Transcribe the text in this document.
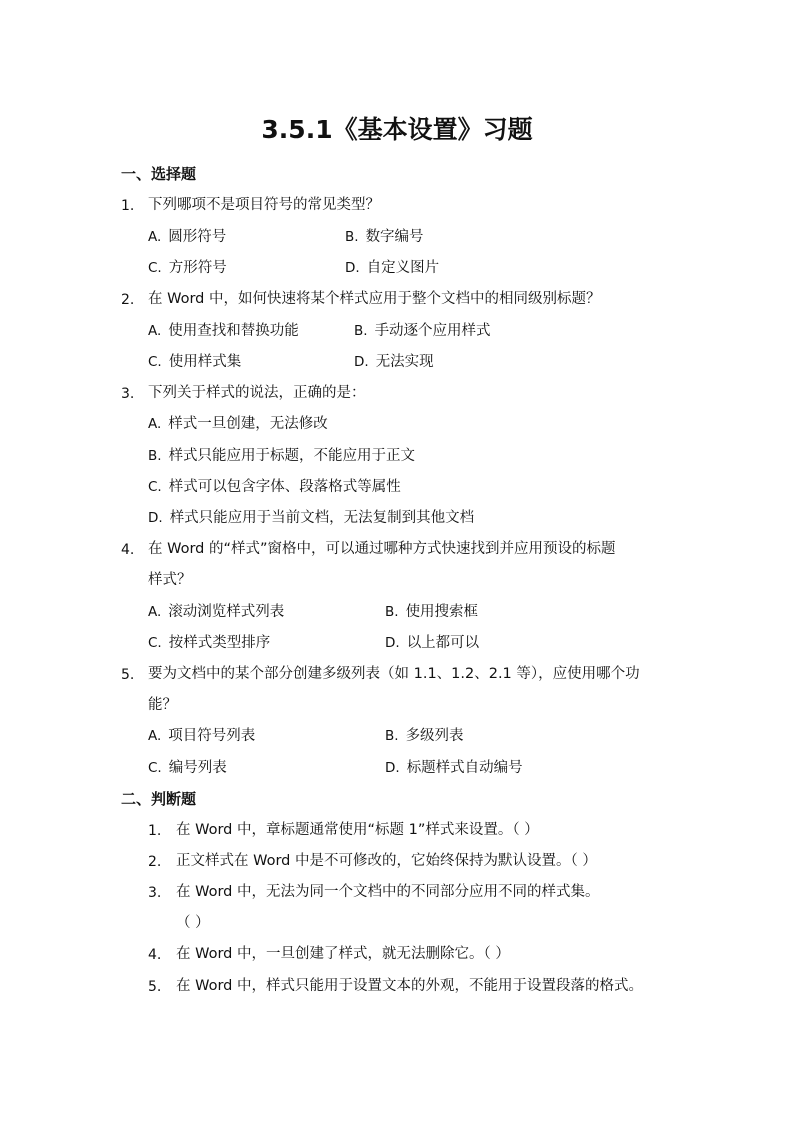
3.5.1《基本设置》习题
一、选择题
1. 下列哪项不是项目符号的常见类型？
A. 圆形符号	B. 数字编号
C. 方形符号	D. 自定义图片
2. 在 Word 中，如何快速将某个样式应用于整个文档中的相同级别标题？
A. 使用查找和替换功能	B. 手动逐个应用样式
C. 使用样式集	D. 无法实现
3. 下列关于样式的说法，正确的是：
A. 样式一旦创建，无法修改
B. 样式只能应用于标题，不能应用于正文
C. 样式可以包含字体、段落格式等属性
D. 样式只能应用于当前文档，无法复制到其他文档
4. 在 Word 的“样式”窗格中，可以通过哪种方式快速找到并应用预设的标题
样式？
A. 滚动浏览样式列表	B. 使用搜索框
C. 按样式类型排序	D. 以上都可以
5. 要为文档中的某个部分创建多级列表（如 1.1、1.2、2.1 等），应使用哪个功
能？
A. 项目符号列表	B. 多级列表
C. 编号列表	D. 标题样式自动编号
二、判断题
1. 在 Word 中，章标题通常使用“标题 1”样式来设置。（ ）
2. 正文样式在 Word 中是不可修改的，它始终保持为默认设置。（ ）
3. 在 Word 中，无法为同一个文档中的不同部分应用不同的样式集。
（ ）
4. 在 Word 中，一旦创建了样式，就无法删除它。（ ）
5. 在 Word 中，样式只能用于设置文本的外观，不能用于设置段落的格式。
